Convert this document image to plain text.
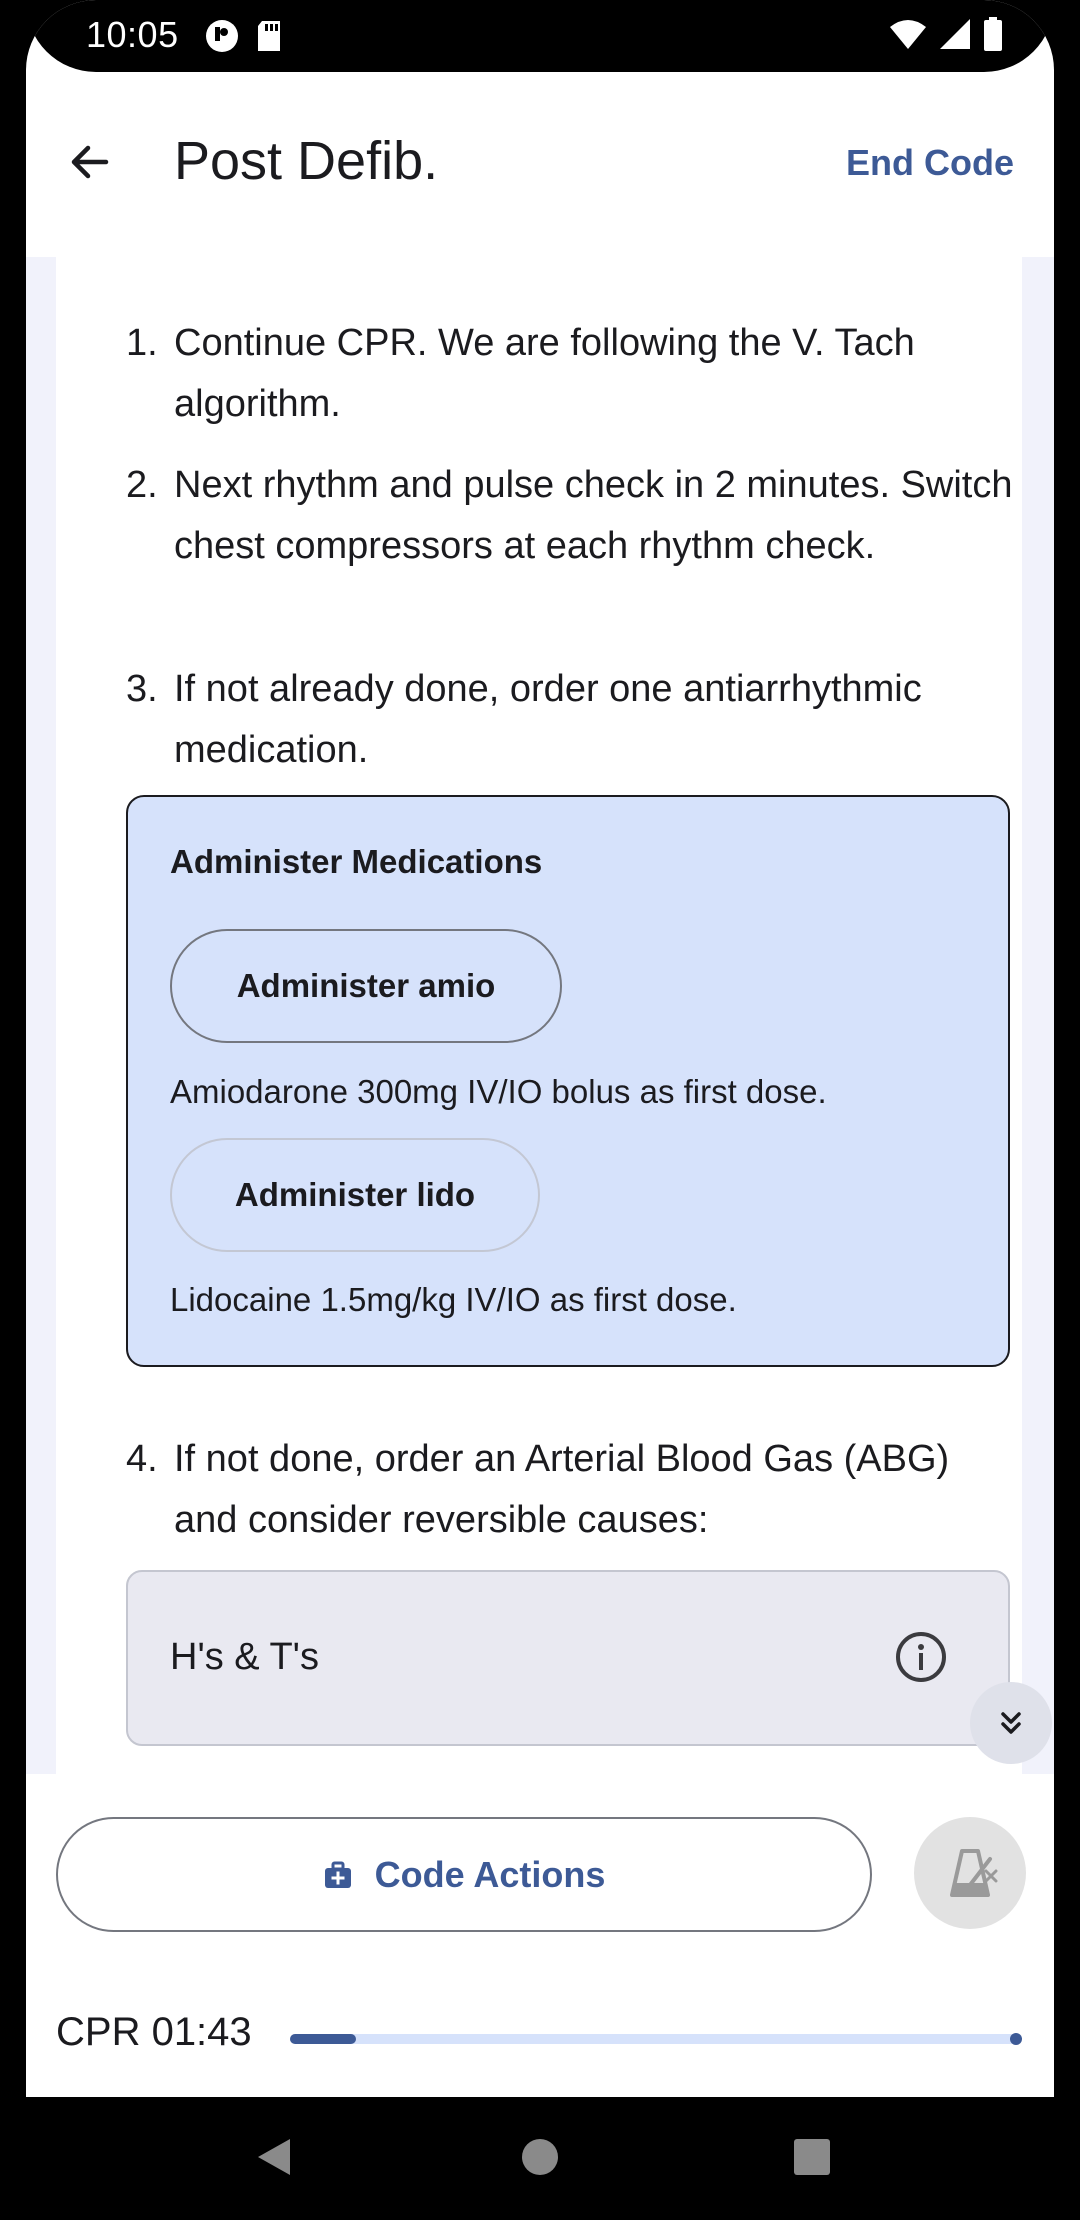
10:05
Post Defib.	End Code
1. Continue CPR. We are following the V. Tach algorithm.
2. Next rhythm and pulse check in 2 minutes. Switch chest compressors at each rhythm check.
3. If not already done, order one antiarrhythmic medication.
Administer Medications
Administer amio
Amiodarone 300mg IV/IO bolus as first dose.
Administer lido
Lidocaine 1.5mg/kg IV/IO as first dose.
4. If not done, order an Arterial Blood Gas (ABG) and consider reversible causes:
H's & T's
Code Actions
CPR 01:43
